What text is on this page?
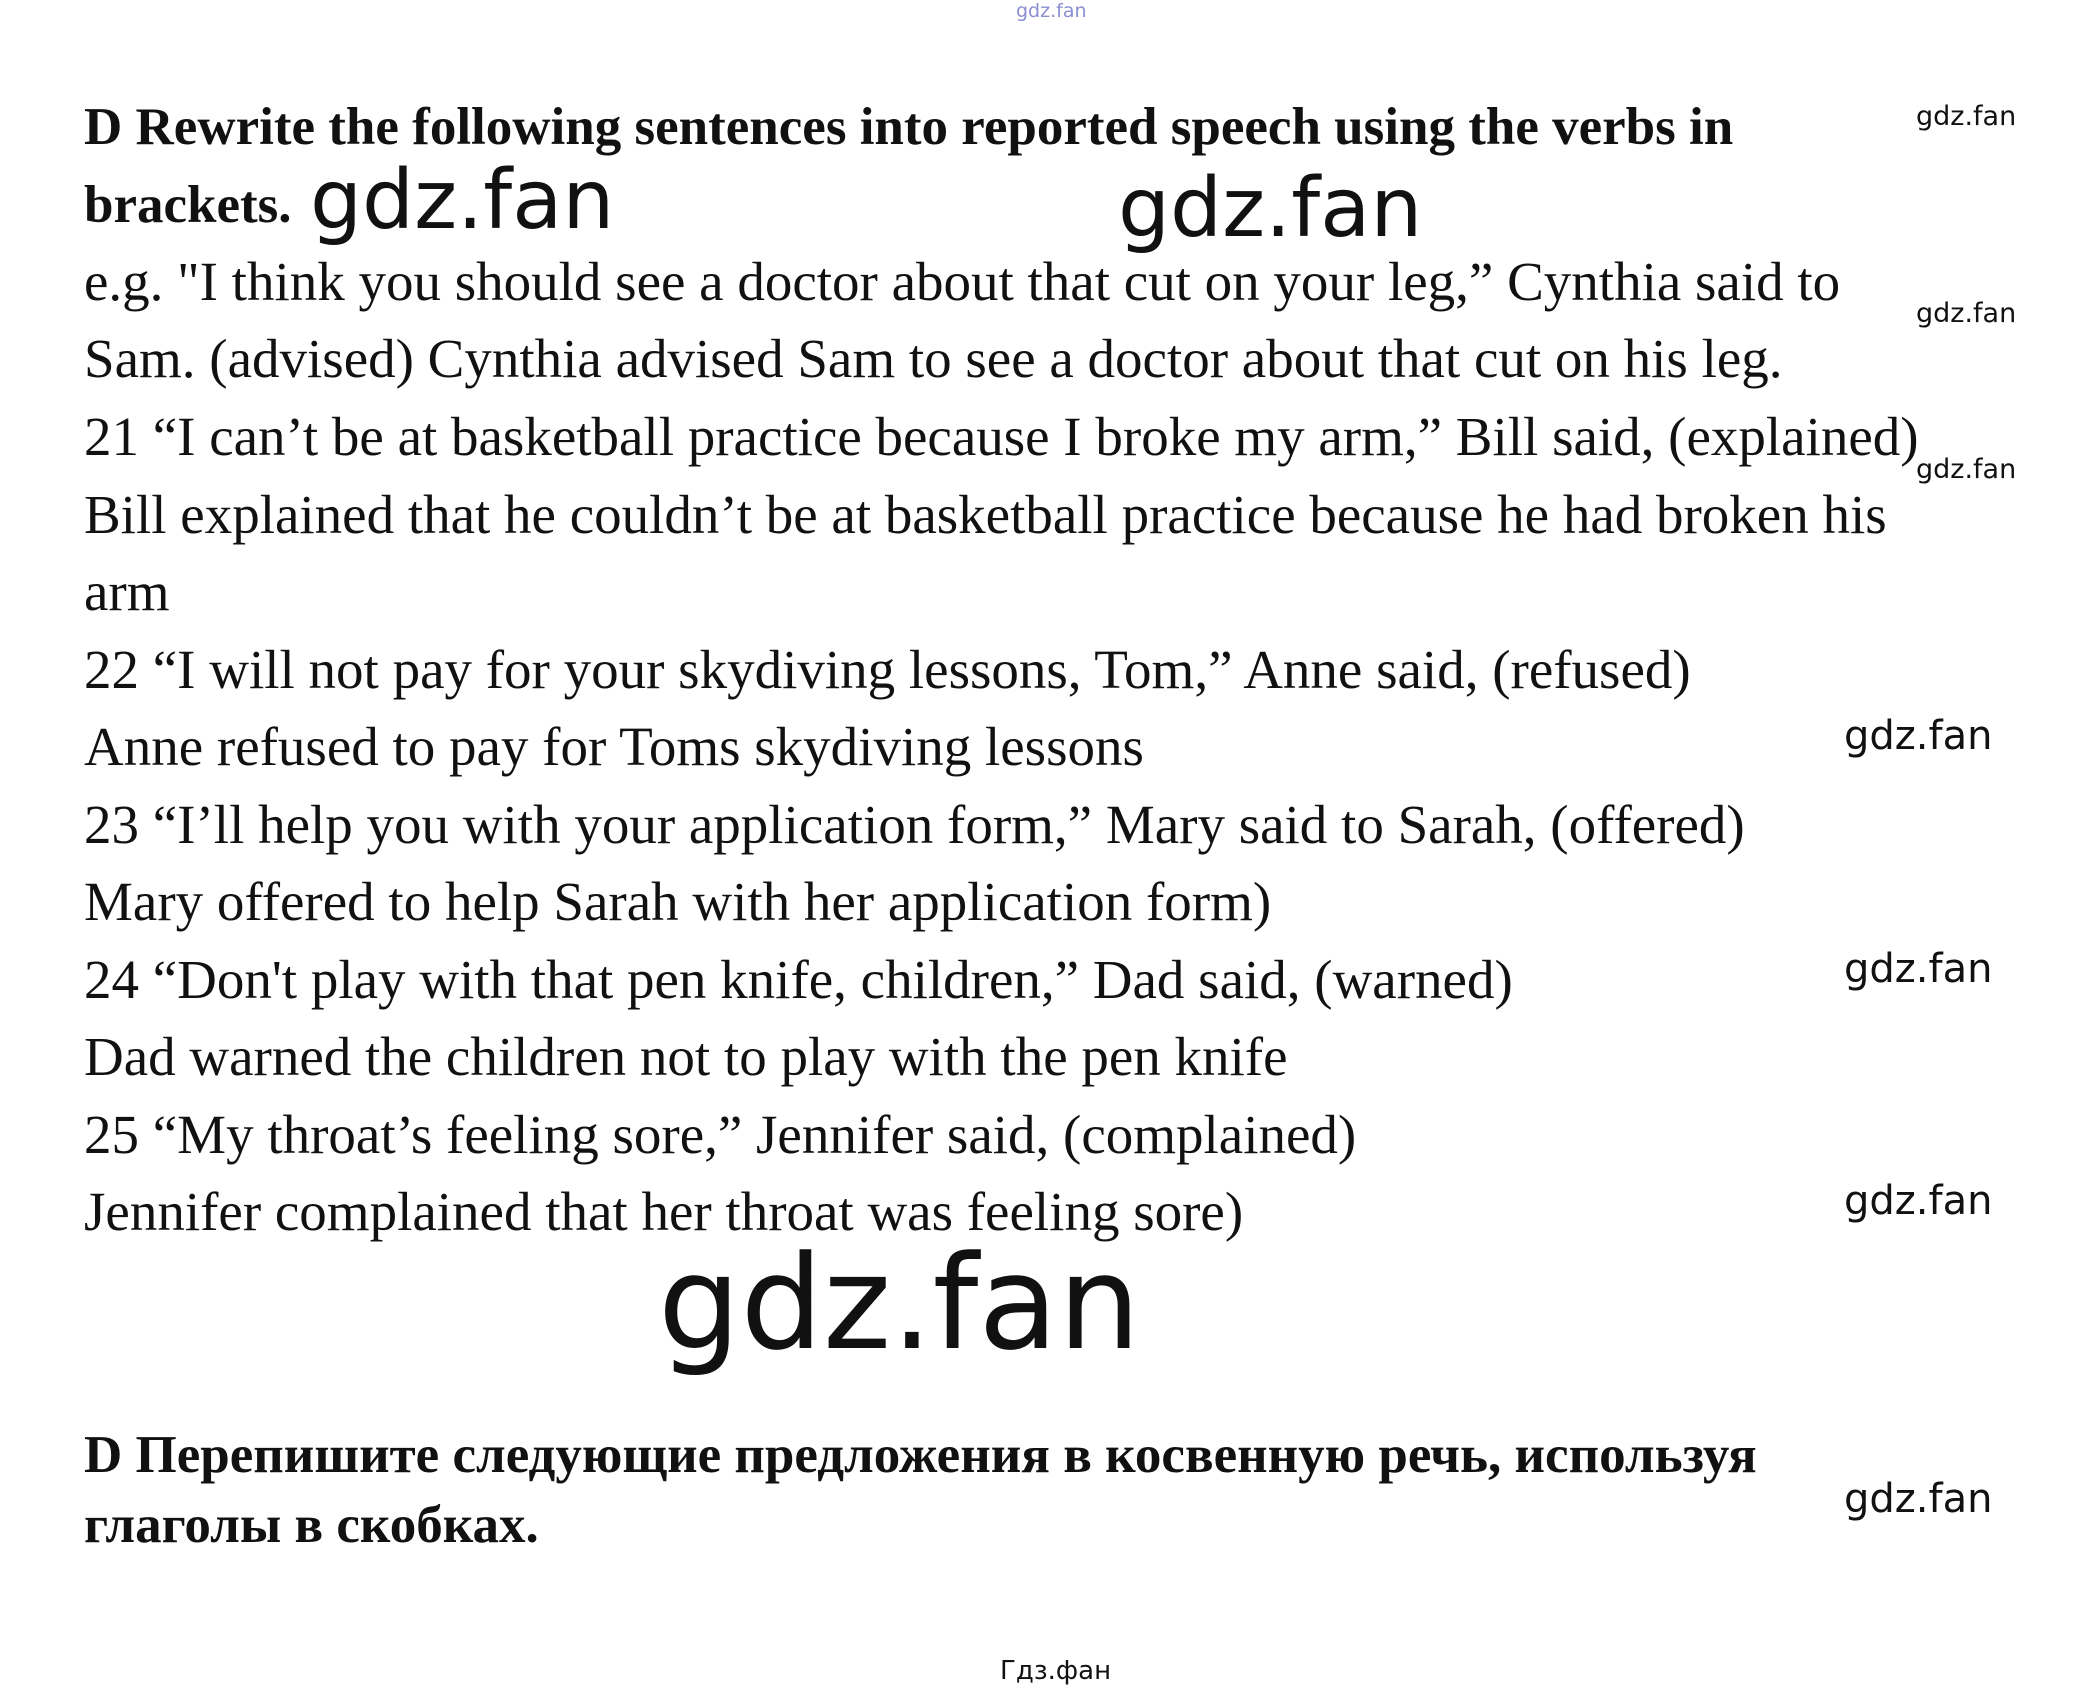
gdz.fan
D Rewrite the following sentences into reported speech using the verbs in
brackets.
e.g. "I think you should see a doctor about that cut on your leg,” Cynthia said to
Sam. (advised) Cynthia advised Sam to see a doctor about that cut on his leg.
21 “I can’t be at basketball practice because I broke my arm,” Bill said, (explained)
Bill explained that he couldn’t be at basketball practice because he had broken his
arm
22 “I will not pay for your skydiving lessons, Tom,” Anne said, (refused)
Anne refused to pay for Toms skydiving lessons
23 “I’ll help you with your application form,” Mary said to Sarah, (offered)
Mary offered to help Sarah with her application form)
24 “Don't play with that pen knife, children,” Dad said, (warned)
Dad warned the children not to play with the pen knife
25 “My throat’s feeling sore,” Jennifer said, (complained)
Jennifer complained that her throat was feeling sore)
D Перепишите следующие предложения в косвенную речь, используя
глаголы в скобках.
gdz.fan
gdz.fan
gdz.fan
gdz.fan
gdz.fan
gdz.fan
gdz.fan
gdz.fan	gdz.fan
gdz.fan
Гдз.фан
